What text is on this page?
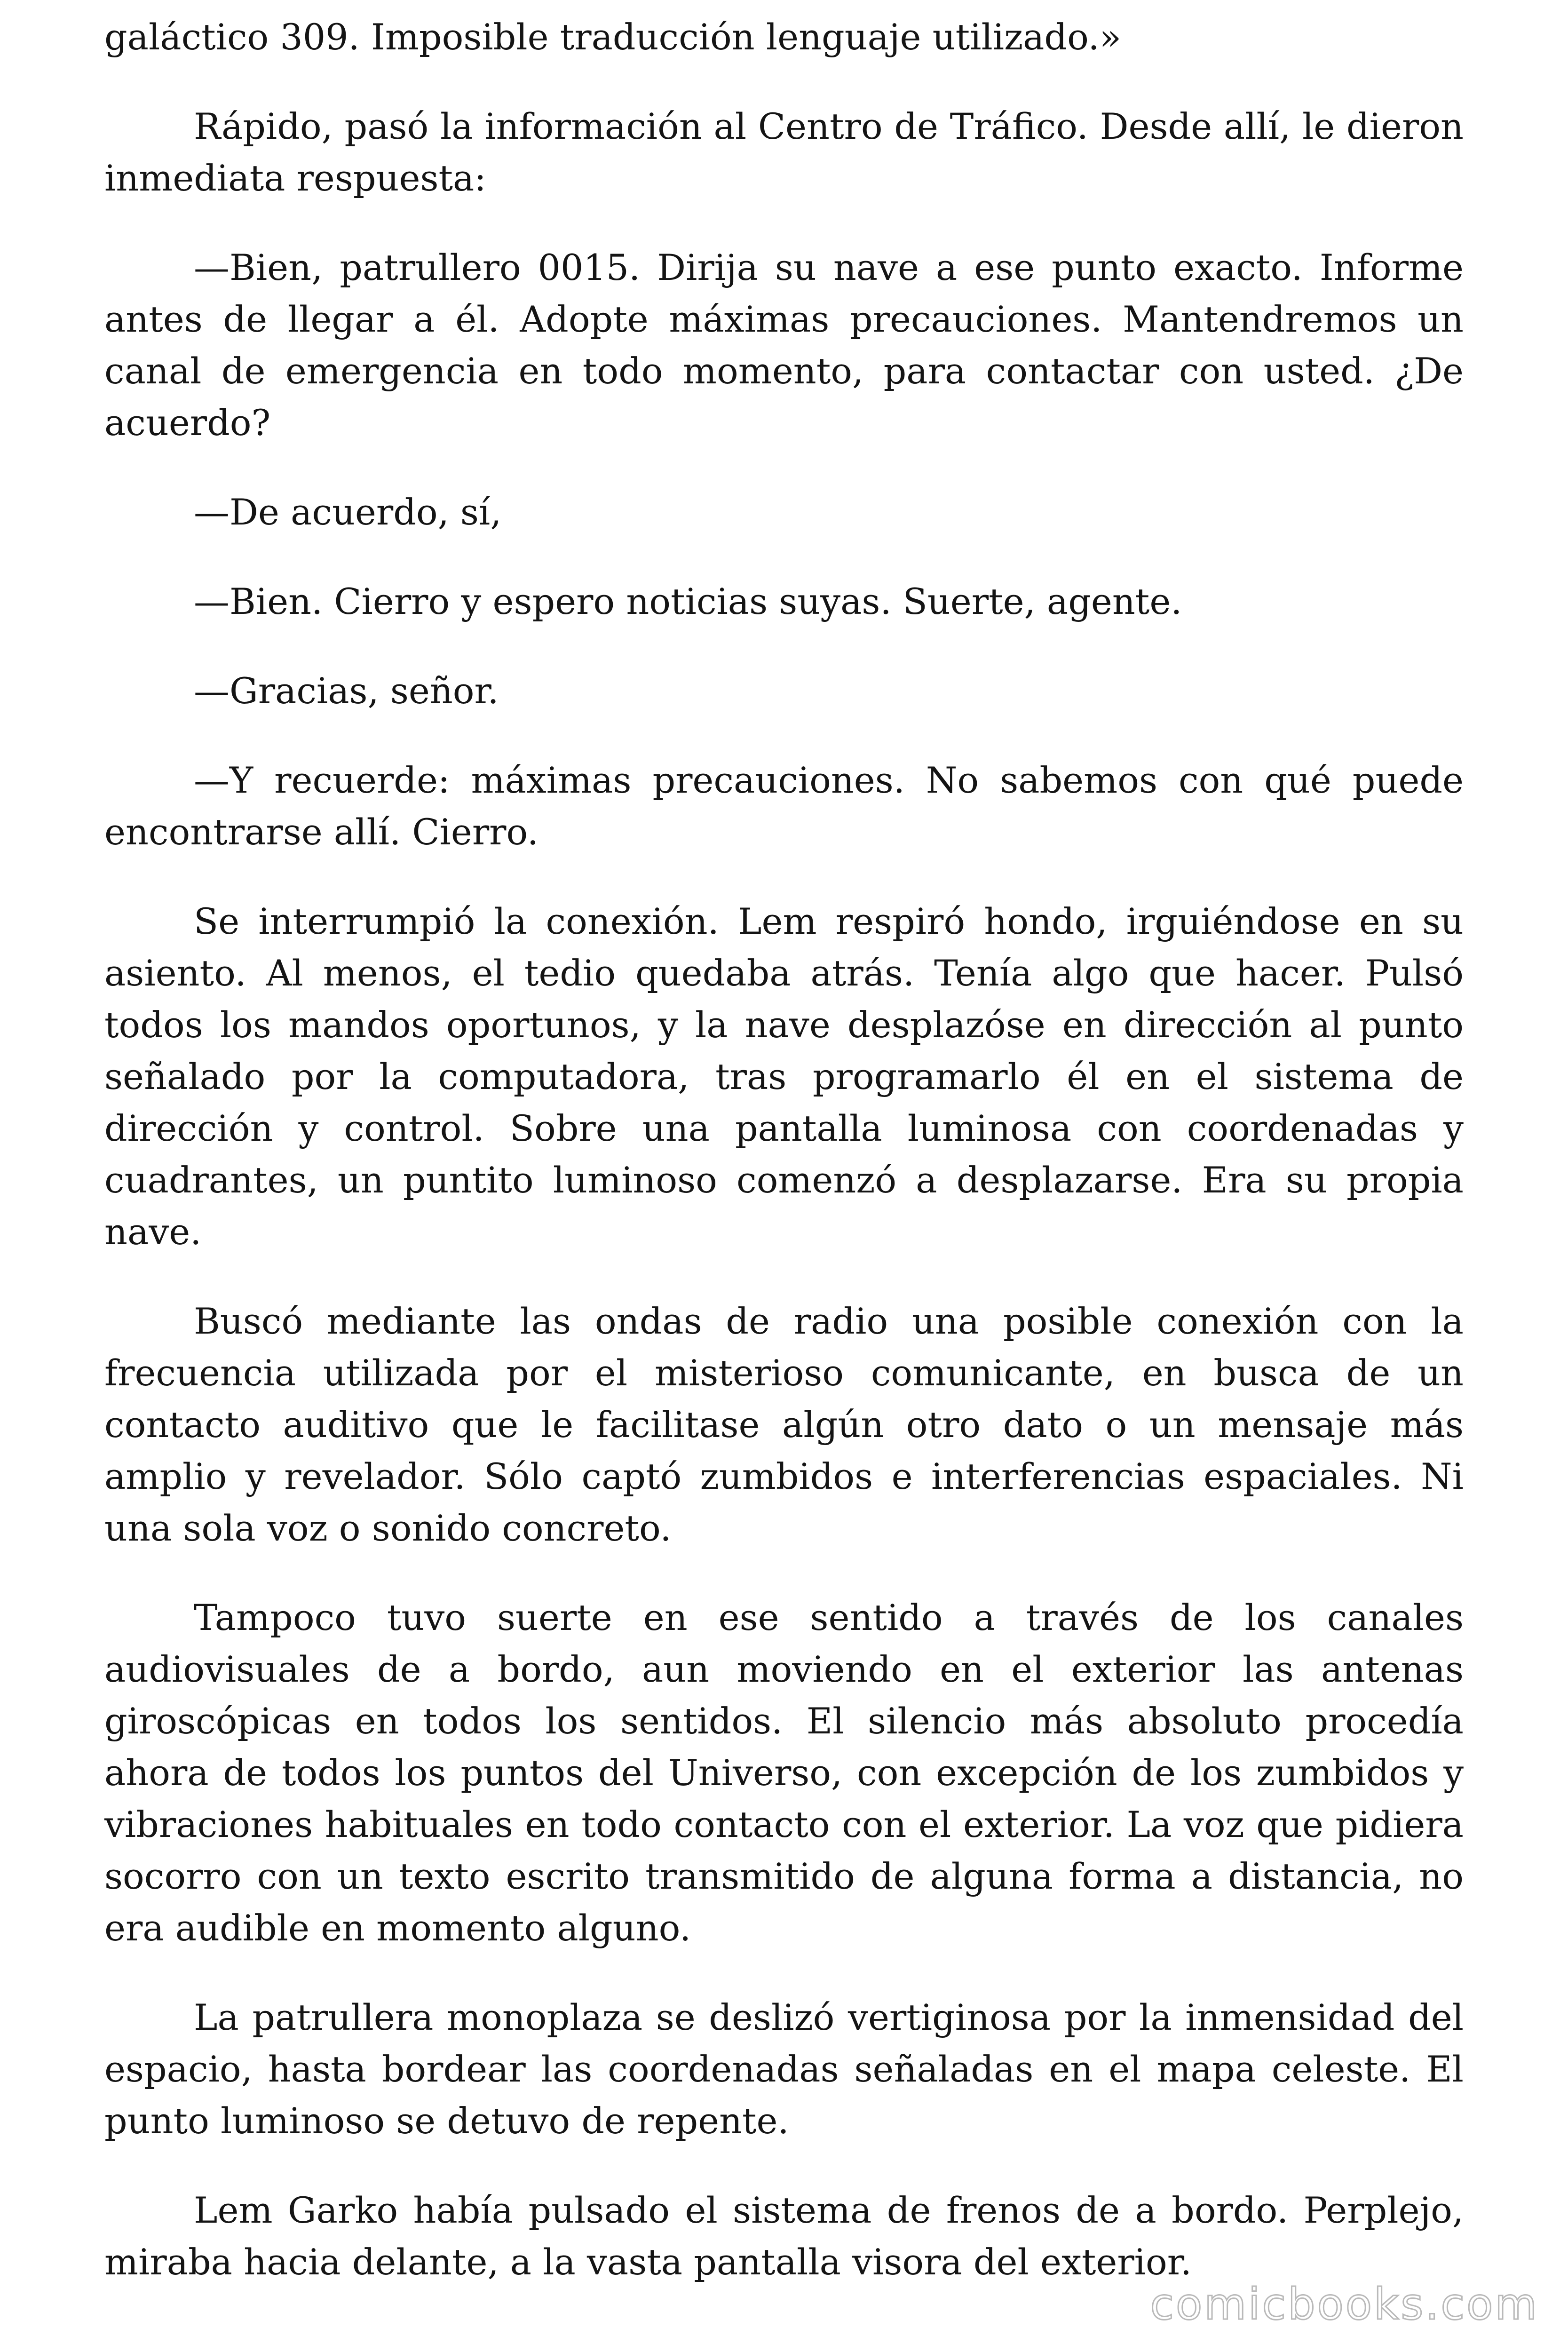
galáctico 309. Imposible traducción lenguaje utilizado.»

Rápido, pasó la información al Centro de Tráfico. Desde allí, le dieron inmediata respuesta:

—Bien, patrullero 0015. Dirija su nave a ese punto exacto. Informe antes de llegar a él. Adopte máximas precauciones. Mantendremos un canal de emergencia en todo momento, para contactar con usted. ¿De acuerdo?

—De acuerdo, sí,

—Bien. Cierro y espero noticias suyas. Suerte, agente.

—Gracias, señor.

—Y recuerde: máximas precauciones. No sabemos con qué puede encontrarse allí. Cierro.

Se interrumpió la conexión. Lem respiró hondo, irguiéndose en su asiento. Al menos, el tedio quedaba atrás. Tenía algo que hacer. Pulsó todos los mandos oportunos, y la nave desplazóse en dirección al punto señalado por la computadora, tras programarlo él en el sistema de dirección y control. Sobre una pantalla luminosa con coordenadas y cuadrantes, un puntito luminoso comenzó a desplazarse. Era su propia nave.

Buscó mediante las ondas de radio una posible conexión con la frecuencia utilizada por el misterioso comunicante, en busca de un contacto auditivo que le facilitase algún otro dato o un mensaje más amplio y revelador. Sólo captó zumbidos e interferencias espaciales. Ni una sola voz o sonido concreto.

Tampoco tuvo suerte en ese sentido a través de los canales audiovisuales de a bordo, aun moviendo en el exterior las antenas giroscópicas en todos los sentidos. El silencio más absoluto procedía ahora de todos los puntos del Universo, con excepción de los zumbidos y vibraciones habituales en todo contacto con el exterior. La voz que pidiera socorro con un texto escrito transmitido de alguna forma a distancia, no era audible en momento alguno.

La patrullera monoplaza se deslizó vertiginosa por la inmensidad del espacio, hasta bordear las coordenadas señaladas en el mapa celeste. El punto luminoso se detuvo de repente.

Lem Garko había pulsado el sistema de frenos de a bordo. Perplejo, miraba hacia delante, a la vasta pantalla visora del exterior.

comicbooks.com
